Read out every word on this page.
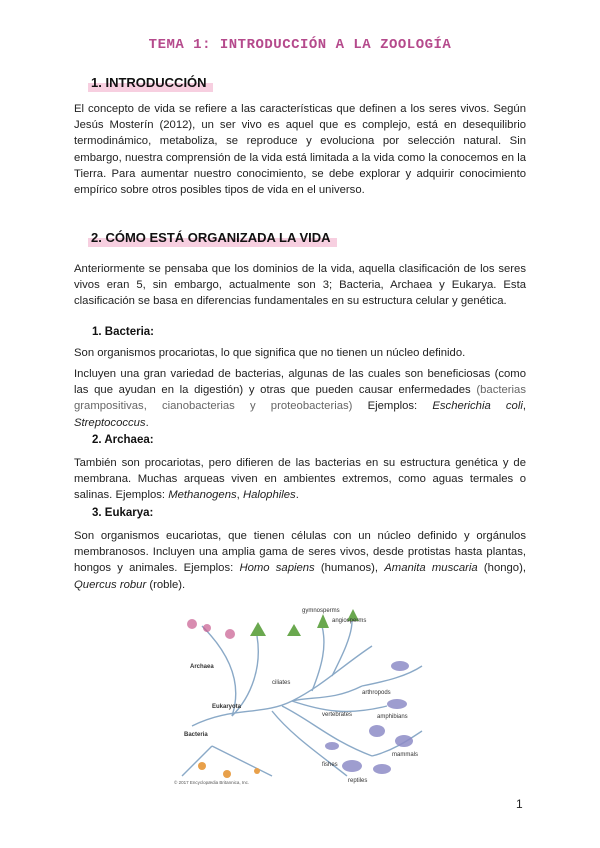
TEMA 1: INTRODUCCIÓN A LA ZOOLOGÍA
1. INTRODUCCIÓN
El concepto de vida se refiere a las características que definen a los seres vivos. Según Jesús Mosterín (2012), un ser vivo es aquel que es complejo, está en desequilibrio termodinámico, metaboliza, se reproduce y evoluciona por selección natural. Sin embargo, nuestra comprensión de la vida está limitada a la vida como la conocemos en la Tierra. Para aumentar nuestro conocimiento, se debe explorar y adquirir conocimiento empírico sobre otros posibles tipos de vida en el universo.
2. CÓMO ESTÁ ORGANIZADA LA VIDA
Anteriormente se pensaba que los dominios de la vida, aquella clasificación de los seres vivos eran 5, sin embargo, actualmente son 3; Bacteria, Archaea y Eukarya. Esta clasificación se basa en diferencias fundamentales en su estructura celular y genética.
1. Bacteria:
Son organismos procariotas, lo que significa que no tienen un núcleo definido.
Incluyen una gran variedad de bacterias, algunas de las cuales son beneficiosas (como las que ayudan en la digestión) y otras que pueden causar enfermedades (bacterias grampositivas, cianobacterias y proteobacterias) Ejemplos: Escherichia coli, Streptococcus.
2. Archaea:
También son procariotas, pero difieren de las bacterias en su estructura genética y de membrana. Muchas arqueas viven en ambientes extremos, como aguas termales o salinas. Ejemplos: Methanogens, Halophiles.
3. Eukarya:
Son organismos eucariotas, que tienen células con un núcleo definido y orgánulos membranosos. Incluyen una amplia gama de seres vivos, desde protistas hasta plantas, hongos y animales. Ejemplos: Homo sapiens (humanos), Amanita muscaria (hongo), Quercus robur (roble).
Archaea
Eukaryota
Bacteria
gymnosperms
angiosperms
arthropods
vertebrates
ciliates
amphibians
mammals
fishes
reptiles
© 2017 Encyclopædia Britannica, Inc.
1
